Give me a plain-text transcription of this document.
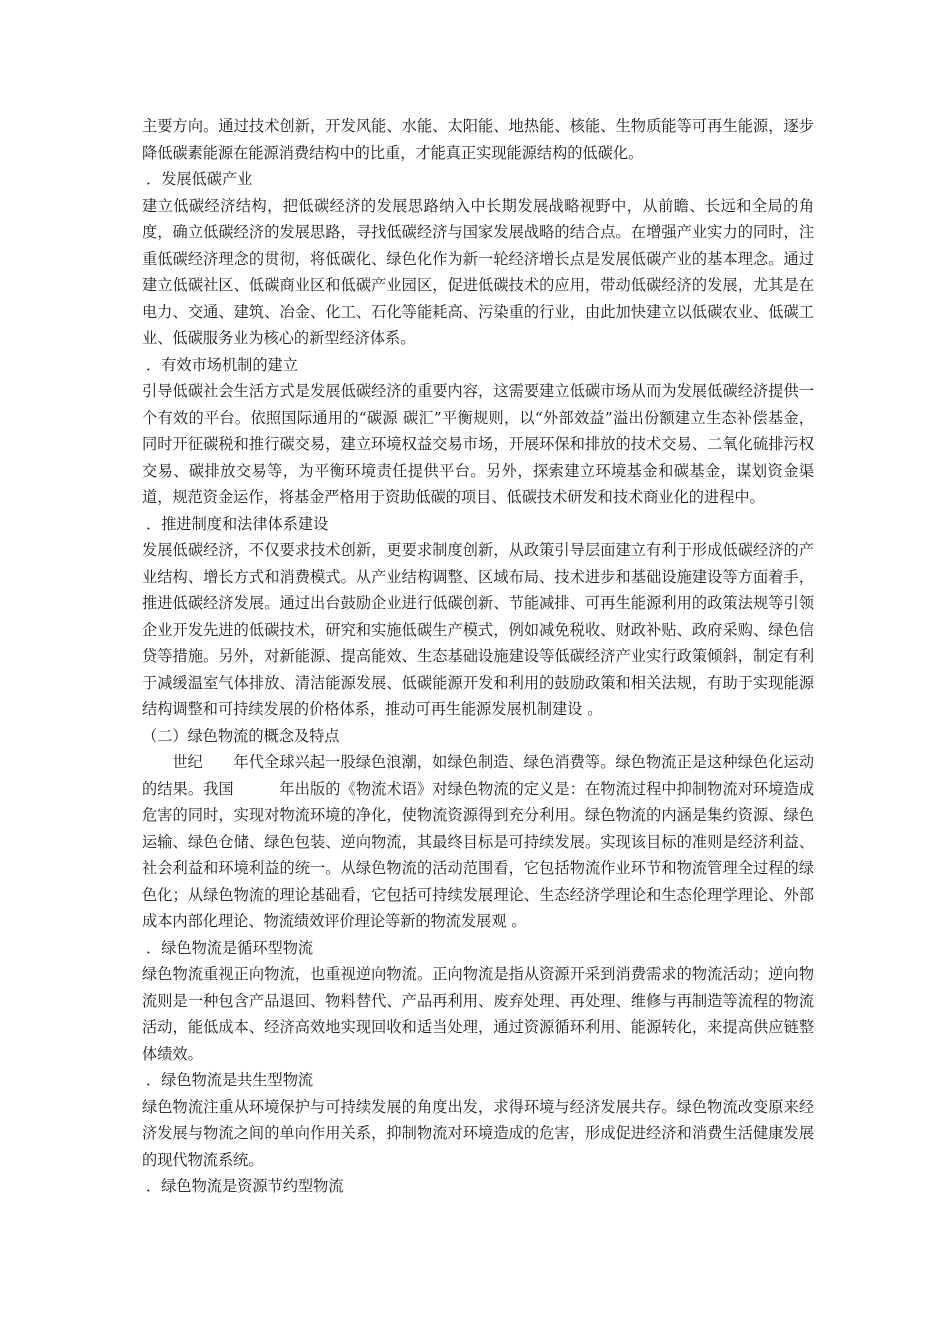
主要方向。通过技术创新，开发风能、水能、太阳能、地热能、核能、生物质能等可再生能源，逐步降低碳素能源在能源消费结构中的比重，才能真正实现能源结构的低碳化。

．发展低碳产业

建立低碳经济结构，把低碳经济的发展思路纳入中长期发展战略视野中，从前瞻、长远和全局的角度，确立低碳经济的发展思路，寻找低碳经济与国家发展战略的结合点。在增强产业实力的同时，注重低碳经济理念的贯彻，将低碳化、绿色化作为新一轮经济增长点是发展低碳产业的基本理念。通过建立低碳社区、低碳商业区和低碳产业园区，促进低碳技术的应用，带动低碳经济的发展，尤其是在电力、交通、建筑、冶金、化工、石化等能耗高、污染重的行业，由此加快建立以低碳农业、低碳工业、低碳服务业为核心的新型经济体系。

．有效市场机制的建立

引导低碳社会生活方式是发展低碳经济的重要内容，这需要建立低碳市场从而为发展低碳经济提供一个有效的平台。依照国际通用的“碳源 碳汇”平衡规则，以“外部效益”溢出份额建立生态补偿基金，同时开征碳税和推行碳交易，建立环境权益交易市场，开展环保和排放的技术交易、二氧化硫排污权交易、碳排放交易等，为平衡环境责任提供平台。另外，探索建立环境基金和碳基金，谋划资金渠道，规范资金运作，将基金严格用于资助低碳的项目、低碳技术研发和技术商业化的进程中。

．推进制度和法律体系建设

发展低碳经济，不仅要求技术创新，更要求制度创新，从政策引导层面建立有利于形成低碳经济的产业结构、增长方式和消费模式。从产业结构调整、区域布局、技术进步和基础设施建设等方面着手，推进低碳经济发展。通过出台鼓励企业进行低碳创新、节能减排、可再生能源利用的政策法规等引领企业开发先进的低碳技术，研究和实施低碳生产模式，例如减免税收、财政补贴、政府采购、绿色信贷等措施。另外，对新能源、提高能效、生态基础设施建设等低碳经济产业实行政策倾斜，制定有利于减缓温室气体排放、清洁能源发展、低碳能源开发和利用的鼓励政策和相关法规，有助于实现能源结构调整和可持续发展的价格体系，推动可再生能源发展机制建设 。

（二）绿色物流的概念及特点

世纪　　年代全球兴起一股绿色浪潮，如绿色制造、绿色消费等。绿色物流正是这种绿色化运动的结果。我国　　　年出版的《物流术语》对绿色物流的定义是：在物流过程中抑制物流对环境造成危害的同时，实现对物流环境的净化，使物流资源得到充分利用。绿色物流的内涵是集约资源、绿色运输、绿色仓储、绿色包装、逆向物流，其最终目标是可持续发展。实现该目标的准则是经济利益、社会利益和环境利益的统一。从绿色物流的活动范围看，它包括物流作业环节和物流管理全过程的绿色化；从绿色物流的理论基础看，它包括可持续发展理论、生态经济学理论和生态伦理学理论、外部成本内部化理论、物流绩效评价理论等新的物流发展观 。

．绿色物流是循环型物流

绿色物流重视正向物流，也重视逆向物流。正向物流是指从资源开采到消费需求的物流活动；逆向物流则是一种包含产品退回、物料替代、产品再利用、废弃处理、再处理、维修与再制造等流程的物流活动，能低成本、经济高效地实现回收和适当处理，通过资源循环利用、能源转化，来提高供应链整体绩效。

．绿色物流是共生型物流

绿色物流注重从环境保护与可持续发展的角度出发，求得环境与经济发展共存。绿色物流改变原来经济发展与物流之间的单向作用关系，抑制物流对环境造成的危害，形成促进经济和消费生活健康发展的现代物流系统。

．绿色物流是资源节约型物流
